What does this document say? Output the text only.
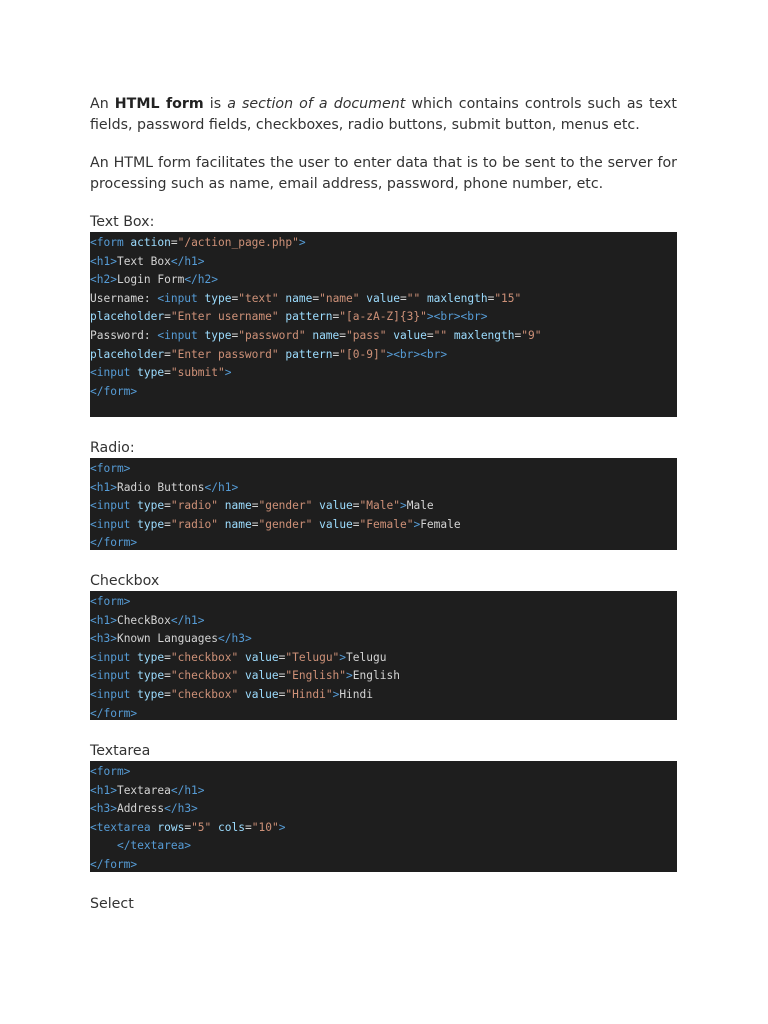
An HTML form is a section of a document which contains controls such as text fields, password fields, checkboxes, radio buttons, submit button, menus etc.

An HTML form facilitates the user to enter data that is to be sent to the server for processing such as name, email address, password, phone number, etc.

Text Box:

<form action="/action_page.php">
<h1>Text Box</h1>
<h2>Login Form</h2>
Username: <input type="text" name="name" value="" maxlength="15"
placeholder="Enter username" pattern="[a-zA-Z]{3}"><br><br>
Password: <input type="password" name="pass" value="" maxlength="9"
placeholder="Enter password" pattern="[0-9]"><br><br>
<input type="submit">
</form>

Radio:

<form>
<h1>Radio Buttons</h1>
<input type="radio" name="gender" value="Male">Male
<input type="radio" name="gender" value="Female">Female
</form>

Checkbox

<form>
<h1>CheckBox</h1>
<h3>Known Languages</h3>
<input type="checkbox" value="Telugu">Telugu
<input type="checkbox" value="English">English
<input type="checkbox" value="Hindi">Hindi
</form>

Textarea

<form>
<h1>Textarea</h1>
<h3>Address</h3>
<textarea rows="5" cols="10">
</textarea>
</form>

Select
